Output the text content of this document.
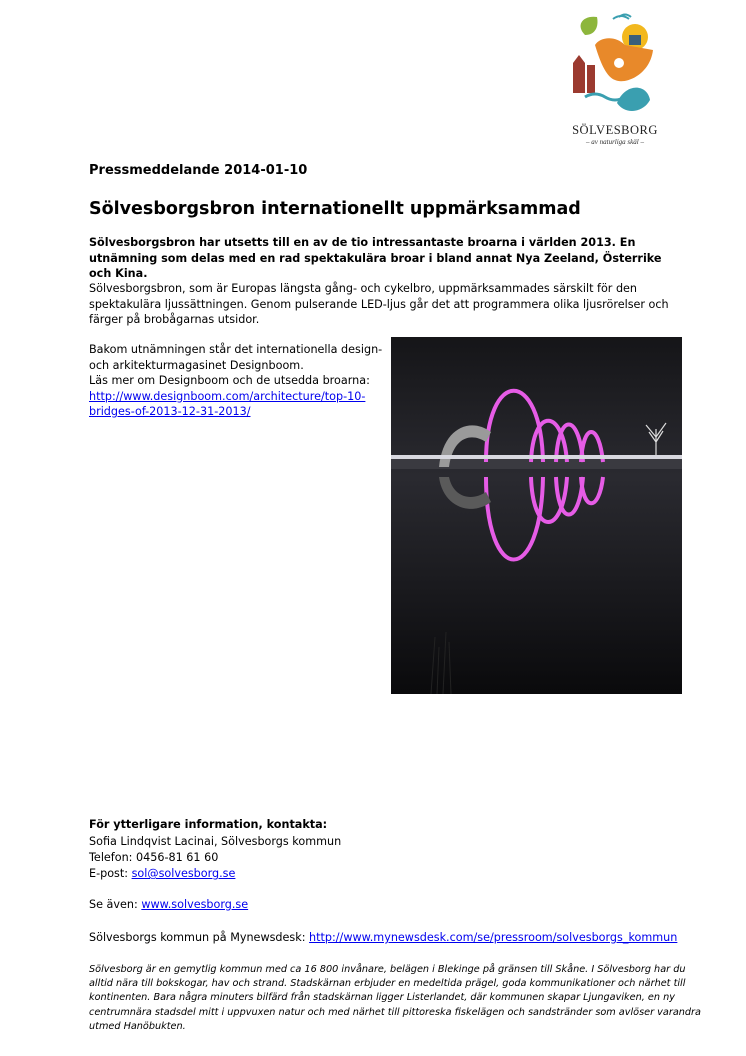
SÖLVESBORG
– av naturliga skäl –
Pressmeddelande 2014-01-10
Sölvesborgsbron internationellt uppmärksammad
Sölvesborgsbron har utsetts till en av de tio intressantaste broarna i världen 2013. En utnämning som delas med en rad spektakulära broar i bland annat Nya Zeeland, Österrike och Kina.
Sölvesborgsbron, som är Europas längsta gång- och cykelbro, uppmärksammades särskilt för den spektakulära ljussättningen. Genom pulserande LED-ljus går det att programmera olika ljusrörelser och färger på brobågarnas utsidor.
Bakom utnämningen står det internationella design- och arkitekturmagasinet Designboom.
Läs mer om Designboom och de utsedda broarna:
http://www.designboom.com/architecture/top-10-bridges-of-2013-12-31-2013/
För ytterligare information, kontakta:
Sofia Lindqvist Lacinai, Sölvesborgs kommun
Telefon: 0456-81 61 60
E-post: sol@solvesborg.se
Se även: www.solvesborg.se
Sölvesborgs kommun på Mynewsdesk: http://www.mynewsdesk.com/se/pressroom/solvesborgs_kommun
Sölvesborg är en gemytlig kommun med ca 16 800 invånare, belägen i Blekinge på gränsen till Skåne. I Sölvesborg har du alltid nära till bokskogar, hav och strand. Stadskärnan erbjuder en medeltida prägel, goda kommunikationer och närhet till kontinenten. Bara några minuters bilfärd från stadskärnan ligger Listerlandet, där kommunen skapar Ljungaviken, en ny centrumnära stadsdel mitt i uppvuxen natur och med närhet till pittoreska fiskelägen och sandstränder som avlöser varandra utmed Hanöbukten.
